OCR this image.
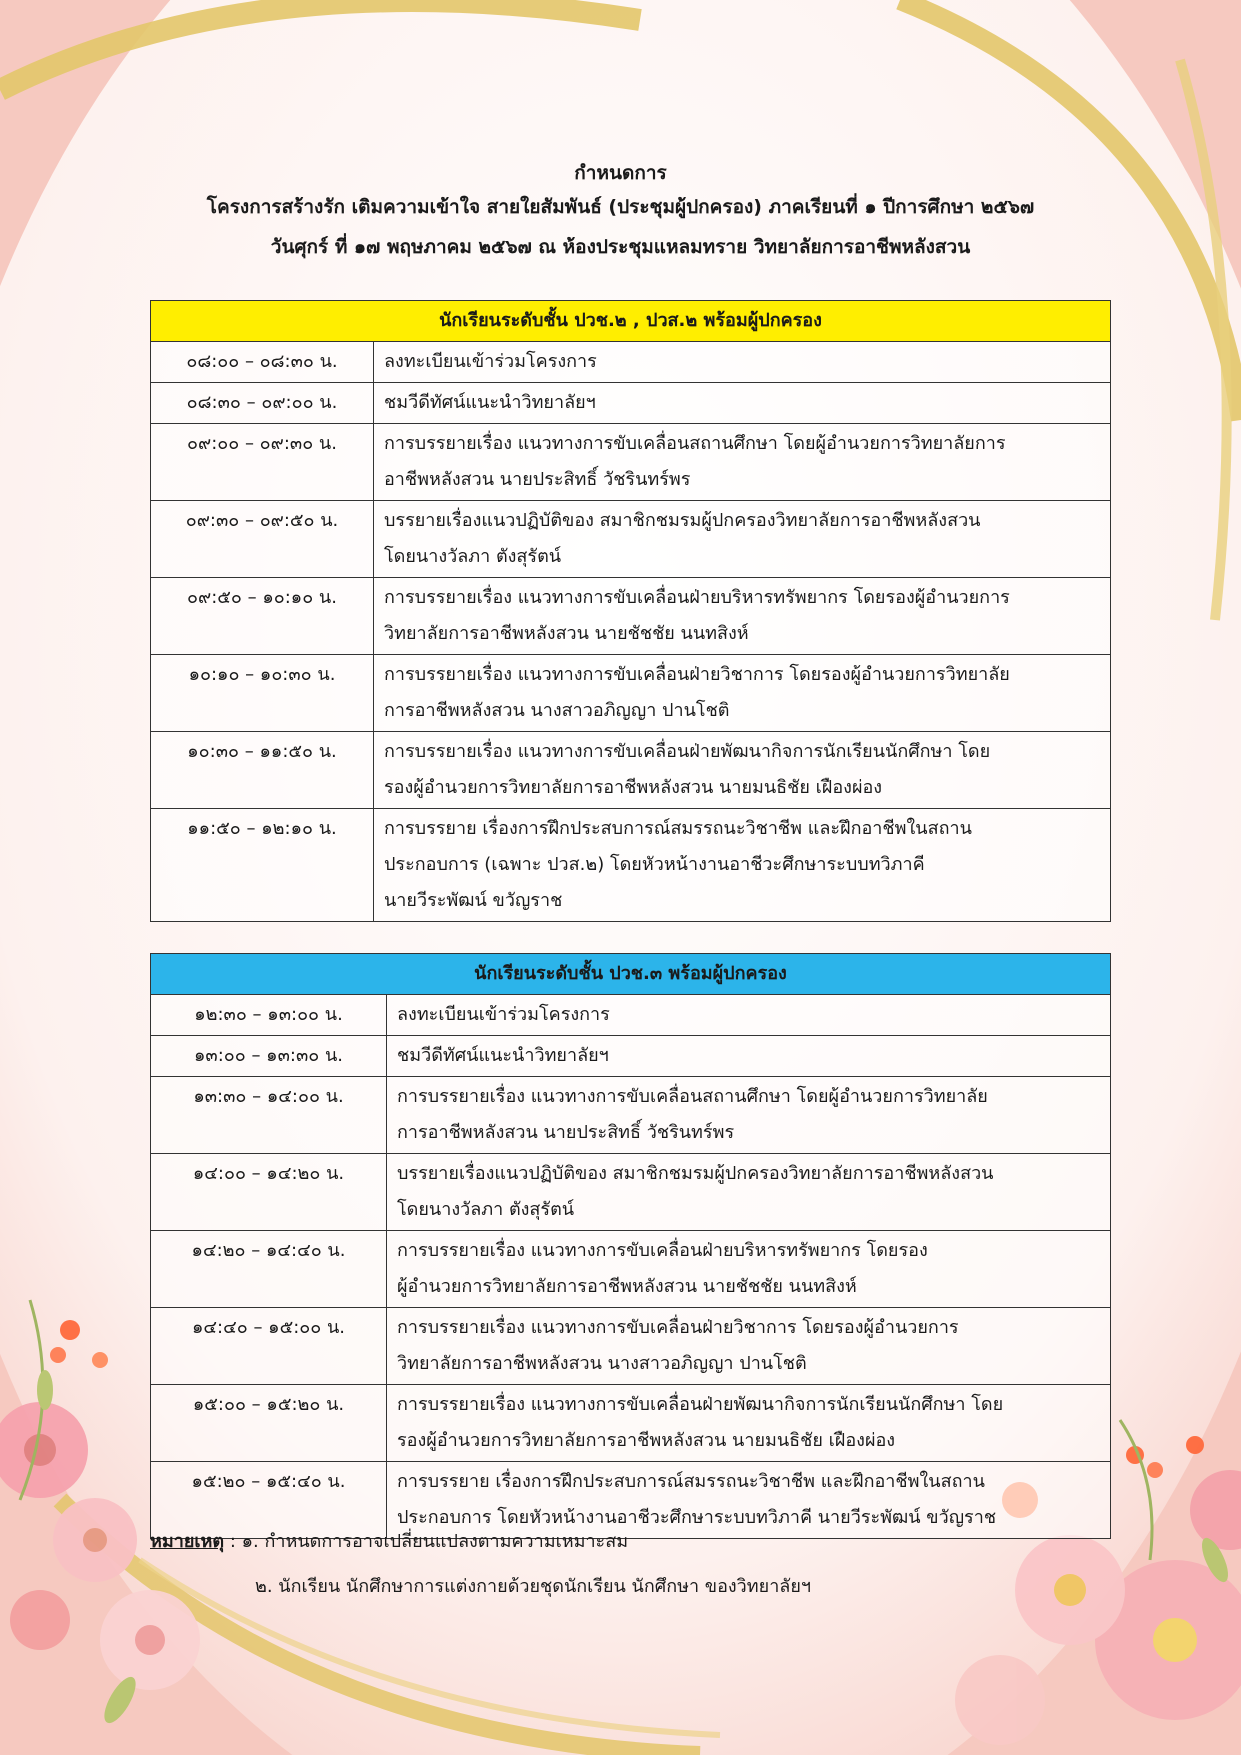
กำหนดการ
โครงการสร้างรัก เติมความเข้าใจ สายใยสัมพันธ์ (ประชุมผู้ปกครอง) ภาคเรียนที่ ๑ ปีการศึกษา ๒๕๖๗
วันศุกร์ ที่ ๑๗ พฤษภาคม ๒๕๖๗ ณ ห้องประชุมแหลมทราย วิทยาลัยการอาชีพหลังสวน
นักเรียนระดับชั้น ปวช.๒ , ปวส.๒ พร้อมผู้ปกครอง	
๐๘:๐๐ – ๐๘:๓๐ น.	ลงทะเบียนเข้าร่วมโครงการ

๐๘:๓๐ – ๐๙:๐๐ น.	ชมวีดีทัศน์แนะนำวิทยาลัยฯ

๐๙:๐๐ – ๐๙:๓๐ น.	การบรรยายเรื่อง แนวทางการขับเคลื่อนสถานศึกษา โดยผู้อำนวยการวิทยาลัยการ
อาชีพหลังสวน นายประสิทธิ์ วัชรินทร์พร

๐๙:๓๐ – ๐๙:๕๐ น.	บรรยายเรื่องแนวปฏิบัติของ สมาชิกชมรมผู้ปกครองวิทยาลัยการอาชีพหลังสวน
โดยนางวัลภา ตังสุรัตน์

๐๙:๕๐ – ๑๐:๑๐ น.	การบรรยายเรื่อง แนวทางการขับเคลื่อนฝ่ายบริหารทรัพยากร โดยรองผู้อำนวยการ
วิทยาลัยการอาชีพหลังสวน นายชัชชัย นนทสิงห์

๑๐:๑๐ – ๑๐:๓๐ น.	การบรรยายเรื่อง แนวทางการขับเคลื่อนฝ่ายวิชาการ โดยรองผู้อำนวยการวิทยาลัย
การอาชีพหลังสวน นางสาวอภิญญา ปานโชติ

๑๐:๓๐ – ๑๑:๕๐ น.	การบรรยายเรื่อง แนวทางการขับเคลื่อนฝ่ายพัฒนากิจการนักเรียนนักศึกษา โดย
รองผู้อำนวยการวิทยาลัยการอาชีพหลังสวน นายมนธิชัย เฝืองผ่อง

๑๑:๕๐ – ๑๒:๑๐ น.	การบรรยาย เรื่องการฝึกประสบการณ์สมรรถนะวิชาชีพ และฝึกอาชีพในสถาน
ประกอบการ (เฉพาะ ปวส.๒) โดยหัวหน้างานอาชีวะศึกษาระบบทวิภาคี
นายวีระพัฒน์ ขวัญราช
นักเรียนระดับชั้น ปวช.๓ พร้อมผู้ปกครอง	
๑๒:๓๐ – ๑๓:๐๐ น.	ลงทะเบียนเข้าร่วมโครงการ

๑๓:๐๐ – ๑๓:๓๐ น.	ชมวีดีทัศน์แนะนำวิทยาลัยฯ

๑๓:๓๐ – ๑๔:๐๐ น.	การบรรยายเรื่อง แนวทางการขับเคลื่อนสถานศึกษา โดยผู้อำนวยการวิทยาลัย
การอาชีพหลังสวน นายประสิทธิ์ วัชรินทร์พร

๑๔:๐๐ – ๑๔:๒๐ น.	บรรยายเรื่องแนวปฏิบัติของ สมาชิกชมรมผู้ปกครองวิทยาลัยการอาชีพหลังสวน
โดยนางวัลภา ตังสุรัตน์

๑๔:๒๐ – ๑๔:๔๐ น.	การบรรยายเรื่อง แนวทางการขับเคลื่อนฝ่ายบริหารทรัพยากร โดยรอง
ผู้อำนวยการวิทยาลัยการอาชีพหลังสวน นายชัชชัย นนทสิงห์

๑๔:๔๐ – ๑๕:๐๐ น.	การบรรยายเรื่อง แนวทางการขับเคลื่อนฝ่ายวิชาการ โดยรองผู้อำนวยการ
วิทยาลัยการอาชีพหลังสวน นางสาวอภิญญา ปานโชติ

๑๕:๐๐ – ๑๕:๒๐ น.	การบรรยายเรื่อง แนวทางการขับเคลื่อนฝ่ายพัฒนากิจการนักเรียนนักศึกษา โดย
รองผู้อำนวยการวิทยาลัยการอาชีพหลังสวน นายมนธิชัย เฝืองผ่อง

๑๕:๒๐ – ๑๕:๔๐ น.	การบรรยาย เรื่องการฝึกประสบการณ์สมรรถนะวิชาชีพ และฝึกอาชีพในสถาน
ประกอบการ โดยหัวหน้างานอาชีวะศึกษาระบบทวิภาคี นายวีระพัฒน์ ขวัญราช
หมายเหตุ : ๑. กำหนดการอาจเปลี่ยนแปลงตามความเหมาะสม
๒. นักเรียน นักศึกษาการแต่งกายด้วยชุดนักเรียน นักศึกษา ของวิทยาลัยฯ
